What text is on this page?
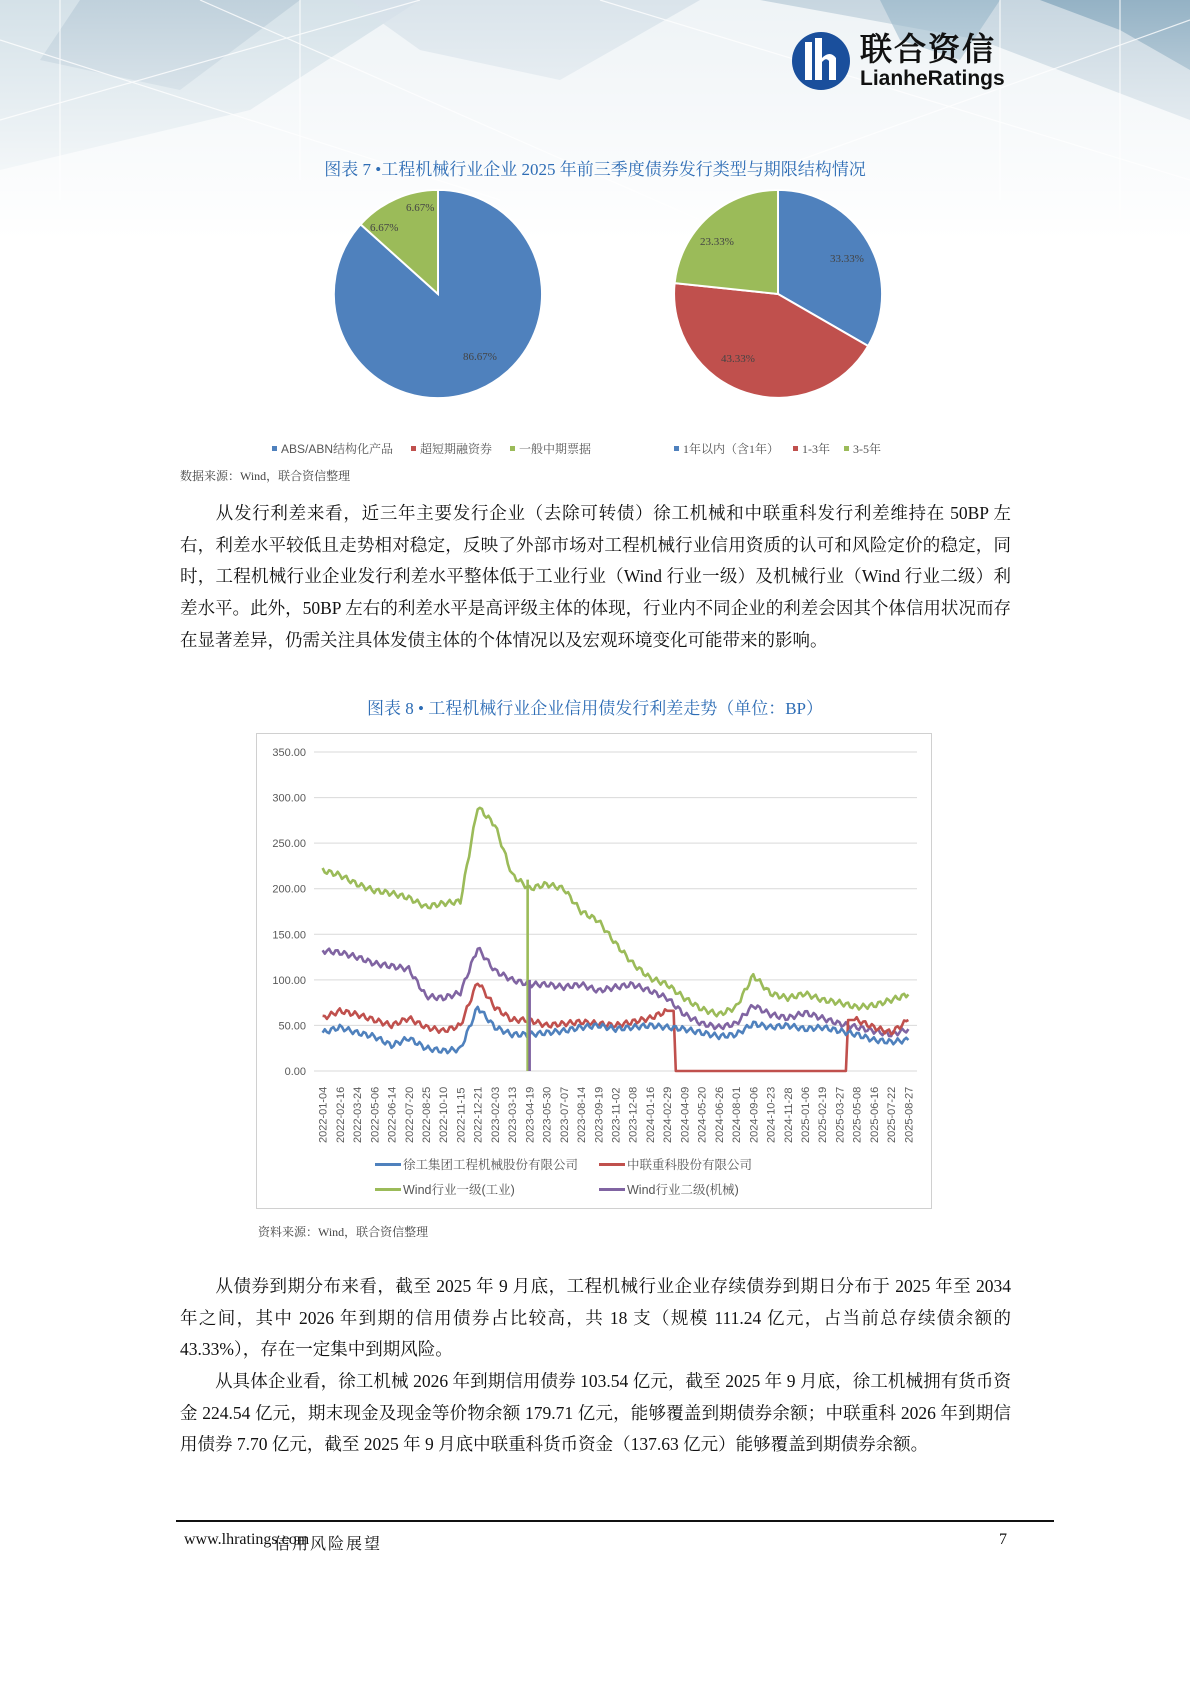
联合资信
LianheRatings
图表 7 •工程机械行业企业 2025 年前三季度债券发行类型与期限结构情况
86.67%
6.67%
6.67%
33.33%
43.33%
23.33%
ABS/ABN结构化产品 超短期融资券 一般中期票据	1年以内（含1年） 1-3年 3-5年
数据来源：Wind，联合资信整理
从发行利差来看，近三年主要发行企业（去除可转债）徐工机械和中联重科发行利差维持在 50BP 左右，利差水平较低且走势相对稳定，反映了外部市场对工程机械行业信用资质的认可和风险定价的稳定，同时，工程机械行业企业发行利差水平整体低于工业行业（Wind 行业一级）及机械行业（Wind 行业二级）利差水平。此外，50BP 左右的利差水平是高评级主体的体现，行业内不同企业的利差会因其个体信用状况而存在显著差异，仍需关注具体发债主体的个体情况以及宏观环境变化可能带来的影响。
图表 8 • 工程机械行业企业信用债发行利差走势（单位：BP）
0.00
50.00
100.00
150.00
200.00
250.00
300.00
350.00
2022-01-04 2022-02-16 2022-03-24 2022-05-06 2022-06-14 2022-07-20 2022-08-25 2022-10-10 2022-11-15 2022-12-21 2023-02-03 2023-03-13 2023-04-19 2023-05-30 2023-07-07 2023-08-14 2023-09-19 2023-11-02 2023-12-08 2024-01-16 2024-02-29 2024-04-09 2024-05-20 2024-06-26 2024-08-01 2024-09-06 2024-10-23 2024-11-28 2025-01-06 2025-02-19 2025-03-27 2025-05-08 2025-06-16 2025-07-22 2025-08-27
徐工集团工程机械股份有限公司	中联重科股份有限公司
Wind行业一级(工业)	Wind行业二级(机械)
资料来源：Wind，联合资信整理
从债券到期分布来看，截至 2025 年 9 月底，工程机械行业企业存续债券到期日分布于 2025 年至 2034 年之间，其中 2026 年到期的信用债券占比较高，共 18 支（规模 111.24 亿元，占当前总存续债余额的 43.33%），存在一定集中到期风险。
从具体企业看，徐工机械 2026 年到期信用债券 103.54 亿元，截至 2025 年 9 月底，徐工机械拥有货币资金 224.54 亿元，期末现金及现金等价物余额 179.71 亿元，能够覆盖到期债券余额；中联重科 2026 年到期信用债券 7.70 亿元，截至 2025 年 9 月底中联重科货币资金（137.63 亿元）能够覆盖到期债券余额。
www.lhratings.com
信用风险展望	7
